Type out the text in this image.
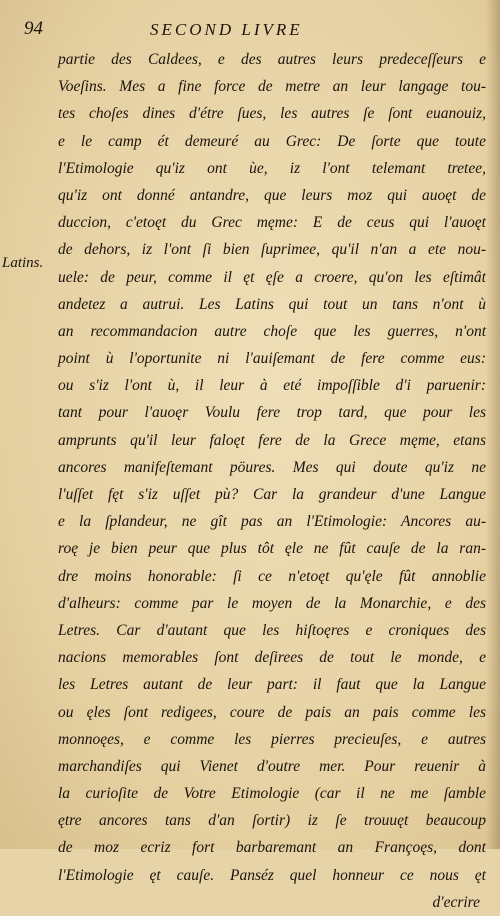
94	SECOND LIVRE
Latins.
partie des Caldees, e des autres leurs predeceſſeurs e
Voeſins. Mes a fine force de metre an leur langage tou-
tes choſes dines d'étre ſues, les autres ſe ſont euanouiz,
e le camp ét demeuré au Grec: De ſorte que toute
l'Etimologie qu'iz ont ùe, iz l'ont telemant tretee,
qu'iz ont donné antandre, que leurs moz qui auoęt de
duccion, c'etoęt du Grec męme: E de ceus qui l'auoęt
de dehors, iz l'ont ſi bien ſuprimee, qu'il n'an a ete nou-
uele: de peur, comme il ęt ęſe a croere, qu'on les eſtimât
andetez a autrui. Les Latins qui tout un tans n'ont ù
an recommandacion autre choſe que les guerres, n'ont
point ù l'oportunite ni l'auiſemant de fere comme eus:
ou s'iz l'ont ù, il leur à eté impoſſible d'i paruenir:
tant pour l'auoęr Voulu fere trop tard, que pour les
amprunts qu'il leur faloęt fere de la Grece męme, etans
ancores manifeſtemant pöures. Mes qui doute qu'iz ne
l'uſſet fęt s'iz uſſet pù? Car la grandeur d'une Langue
e la ſplandeur, ne gît pas an l'Etimologie: Ancores au-
roę je bien peur que plus tôt ęle ne fût cauſe de la ran-
dre moins honorable: ſi ce n'etoęt qu'ęle fût annoblie
d'alheurs: comme par le moyen de la Monarchie, e des
Letres. Car d'autant que les hiſtoęres e croniques des
nacions memorables ſont deſirees de tout le monde, e
les Letres autant de leur part: il faut que la Langue
ou ęles ſont redigees, coure de pais an pais comme les
monnoęes, e comme les pierres precieuſes, e autres
marchandiſes qui Vienet d'outre mer. Pour reuenir à
la curioſite de Votre Etimologie (car il ne me ſamble
ętre ancores tans d'an ſortir) iz ſe trouuęt beaucoup
de moz ecriz fort barbaremant an Françoęs, dont
l'Etimologie ęt cauſe. Panséz quel honneur ce nous ęt
d'ecrire
